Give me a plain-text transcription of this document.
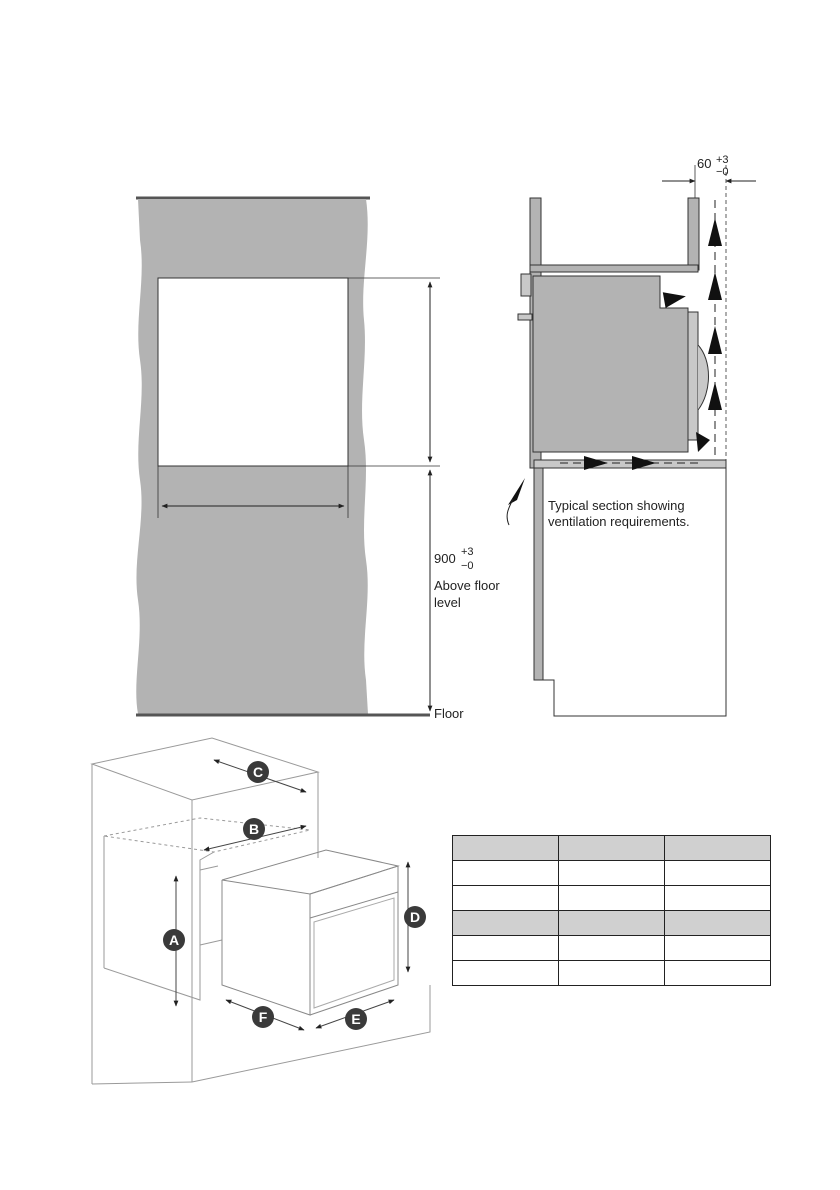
900 +3
−0
Above floor
level
Floor
60 +3
−0
Typical section showing
ventilation requirements.
C
B
A
D
E
F
